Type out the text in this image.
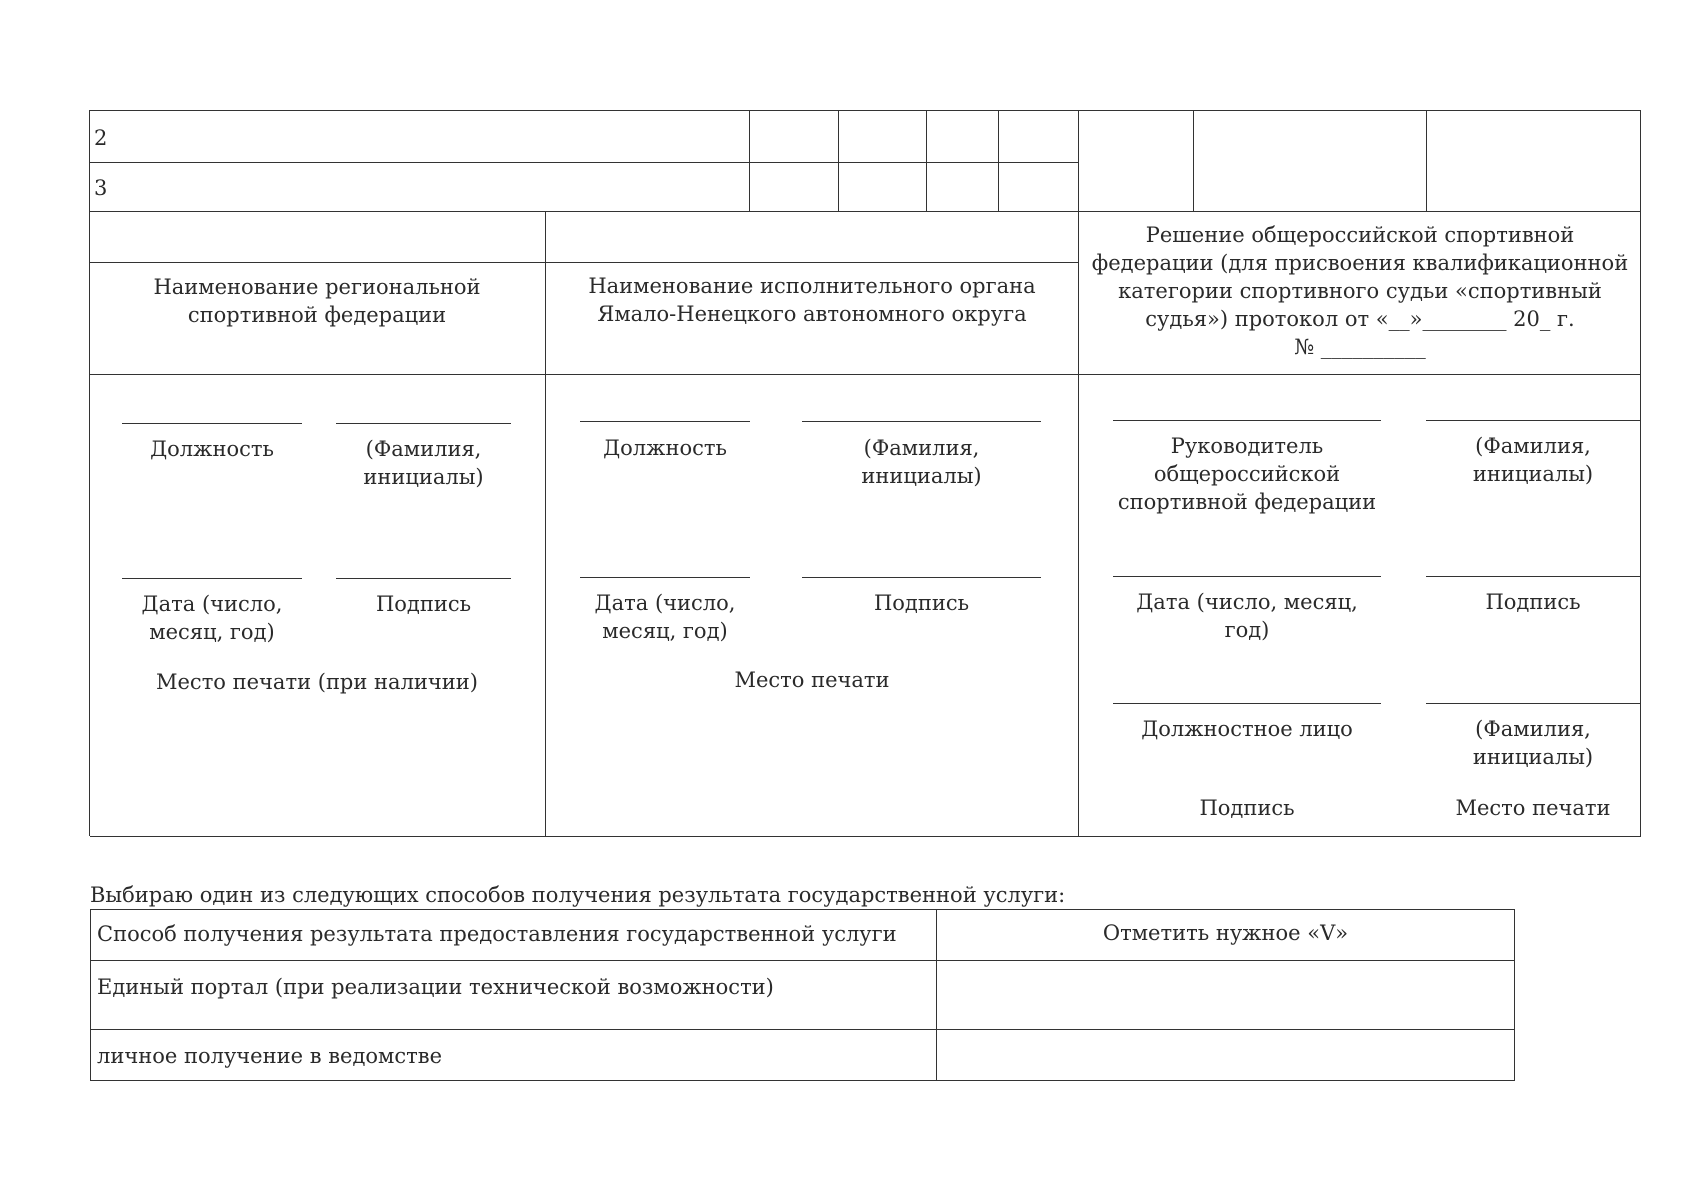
2
3
Наименование региональной
спортивной федерации
Должность	(Фамилия,
инициалы)
Дата (число,
месяц, год)
Подпись
Место печати (при наличии)
Наименование исполнительного органа
Ямало-Ненецкого автономного округа
Должность	(Фамилия,
инициалы)
Дата (число,
месяц, год)
Подпись
Место печати
Решение общероссийской спортивной
федерации (для присвоения квалификационной
категории спортивного судьи «спортивный
судья») протокол от «__»________ 20_ г.
№ __________
Руководитель
общероссийской
спортивной федерации
(Фамилия,
инициалы)
Дата (число, месяц,
год)
Подпись
Должностное лицо	(Фамилия,
инициалы)
Подпись	Место печати
Выбираю один из следующих способов получения результата государственной услуги:
Способ получения результата предоставления государственной услуги	Отметить нужное «V»
Единый портал (при реализации технической возможности)
личное получение в ведомстве
